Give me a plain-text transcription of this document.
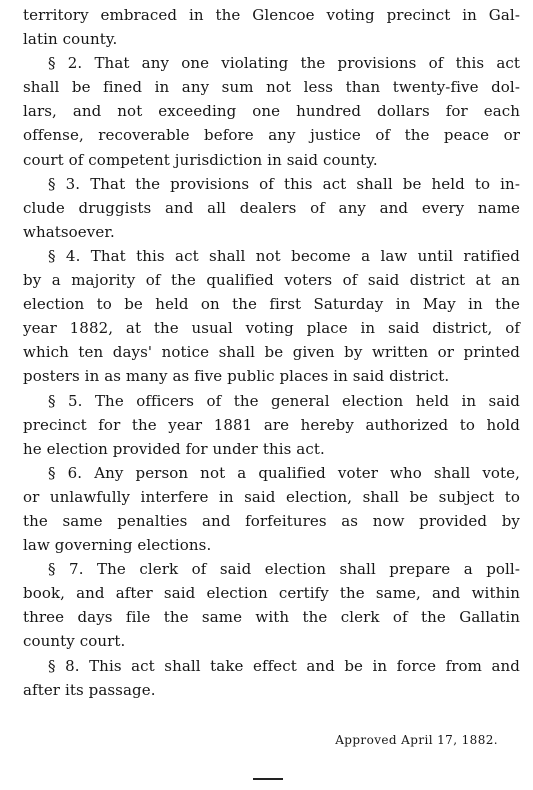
territory embraced in the Glencoe voting precinct in Gal-
latin county.
§ 2. That any one violating the provisions of this act
shall be fined in any sum not less than twenty-five dol-
lars, and not exceeding one hundred dollars for each
offense, recoverable before any justice of the peace or
court of competent jurisdiction in said county.
§ 3. That the provisions of this act shall be held to in-
clude druggists and all dealers of any and every name
whatsoever.
§ 4. That this act shall not become a law until ratified
by a majority of the qualified voters of said district at an
election to be held on the first Saturday in May in the
year 1882, at the usual voting place in said district, of
which ten days' notice shall be given by written or printed
posters in as many as five public places in said district.
§ 5. The officers of the general election held in said
precinct for the year 1881 are hereby authorized to hold
he election provided for under this act.
§ 6. Any person not a qualified voter who shall vote,
or unlawfully interfere in said election, shall be subject to
the same penalties and forfeitures as now provided by
law governing elections.
§ 7. The clerk of said election shall prepare a poll-
book, and after said election certify the same, and within
three days file the same with the clerk of the Gallatin
county court.
§ 8. This act shall take effect and be in force from and
after its passage.
Approved April 17, 1882.
